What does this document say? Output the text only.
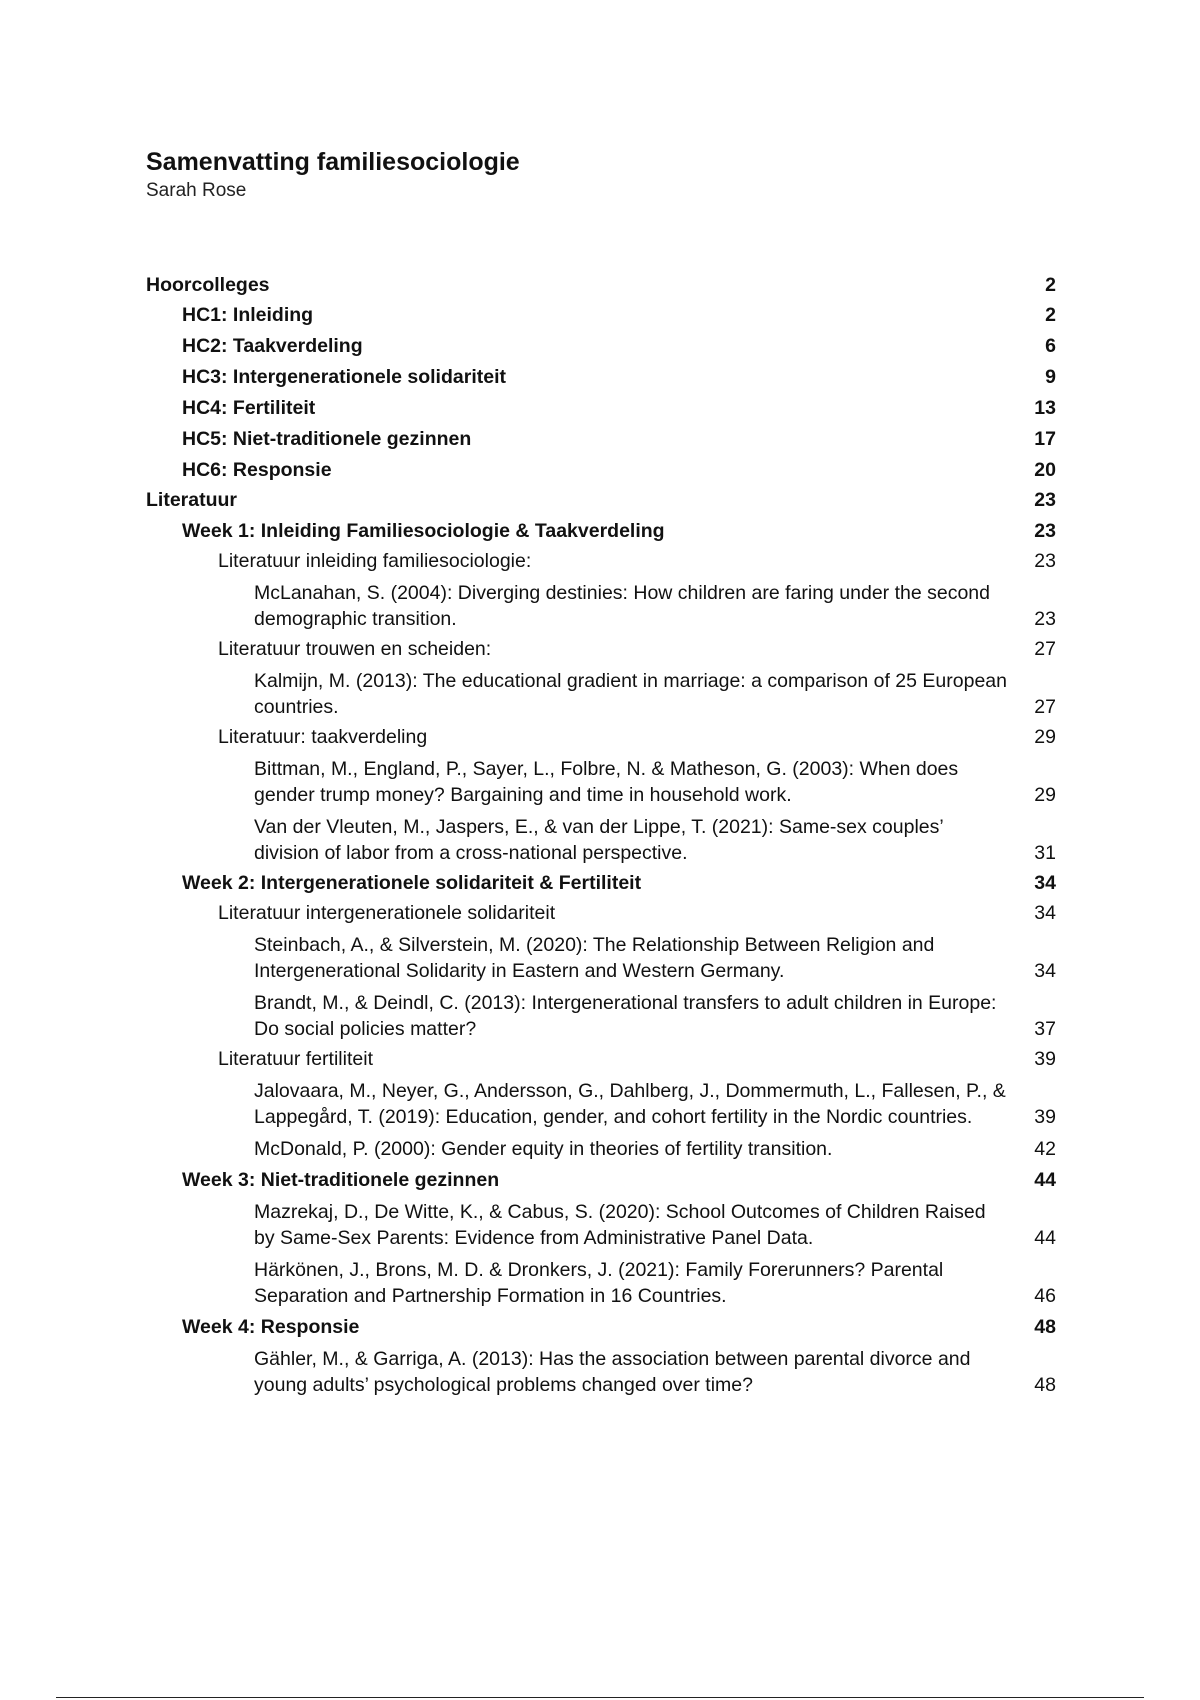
Samenvatting familiesociologie

Sarah Rose

Hoorcolleges	2
HC1: Inleiding	2
HC2: Taakverdeling	6
HC3: Intergenerationele solidariteit	9
HC4: Fertiliteit	13
HC5: Niet-traditionele gezinnen	17
HC6: Responsie	20
Literatuur	23
Week 1: Inleiding Familiesociologie & Taakverdeling	23
Literatuur inleiding familiesociologie:	23
McLanahan, S. (2004): Diverging destinies: How children are faring under the second demographic transition.	23
Literatuur trouwen en scheiden:	27
Kalmijn, M. (2013): The educational gradient in marriage: a comparison of 25 European countries.	27
Literatuur: taakverdeling	29
Bittman, M., England, P., Sayer, L., Folbre, N. & Matheson, G. (2003): When does gender trump money? Bargaining and time in household work.	29
Van der Vleuten, M., Jaspers, E., & van der Lippe, T. (2021): Same-sex couples’ division of labor from a cross-national perspective.	31
Week 2: Intergenerationele solidariteit & Fertiliteit	34
Literatuur intergenerationele solidariteit	34
Steinbach, A., & Silverstein, M. (2020): The Relationship Between Religion and Intergenerational Solidarity in Eastern and Western Germany.	34
Brandt, M., & Deindl, C. (2013): Intergenerational transfers to adult children in Europe: Do social policies matter?	37
Literatuur fertiliteit	39
Jalovaara, M., Neyer, G., Andersson, G., Dahlberg, J., Dommermuth, L., Fallesen, P., & Lappegård, T. (2019): Education, gender, and cohort fertility in the Nordic countries.	39
McDonald, P. (2000): Gender equity in theories of fertility transition.	42
Week 3: Niet-traditionele gezinnen	44
Mazrekaj, D., De Witte, K., & Cabus, S. (2020): School Outcomes of Children Raised by Same-Sex Parents: Evidence from Administrative Panel Data.	44
Härkönen, J., Brons, M. D. & Dronkers, J. (2021): Family Forerunners? Parental Separation and Partnership Formation in 16 Countries.	46
Week 4: Responsie	48
Gähler, M., & Garriga, A. (2013): Has the association between parental divorce and young adults’ psychological problems changed over time?	48
